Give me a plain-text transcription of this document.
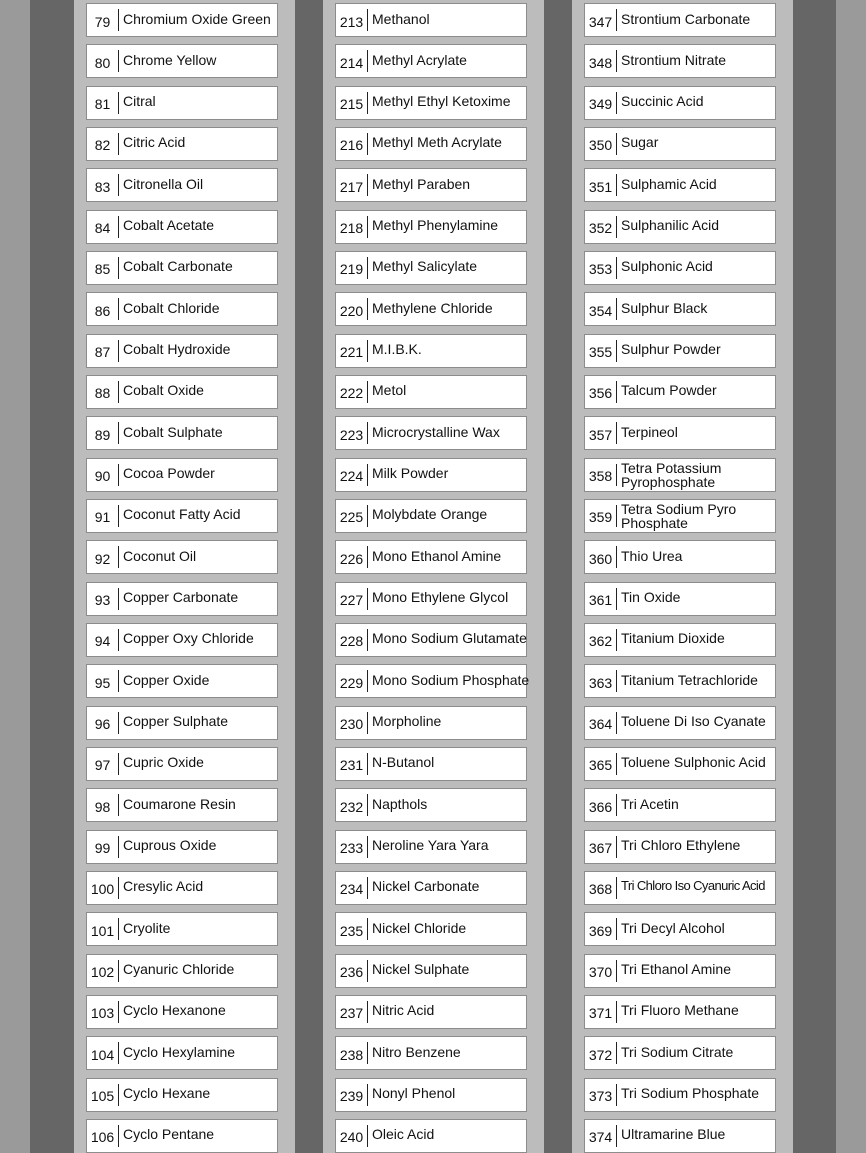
79 Chromium Oxide Green
80 Chrome Yellow
81 Citral
82 Citric Acid
83 Citronella Oil
84 Cobalt Acetate
85 Cobalt Carbonate
86 Cobalt Chloride
87 Cobalt Hydroxide
88 Cobalt Oxide
89 Cobalt Sulphate
90 Cocoa Powder
91 Coconut Fatty Acid
92 Coconut Oil
93 Copper Carbonate
94 Copper Oxy Chloride
95 Copper Oxide
96 Copper Sulphate
97 Cupric Oxide
98 Coumarone Resin
99 Cuprous Oxide
100 Cresylic Acid
101 Cryolite
102 Cyanuric Chloride
103 Cyclo Hexanone
104 Cyclo Hexylamine
105 Cyclo Hexane
106 Cyclo Pentane
213 Methanol
214 Methyl Acrylate
215 Methyl Ethyl Ketoxime
216 Methyl Meth Acrylate
217 Methyl Paraben
218 Methyl Phenylamine
219 Methyl Salicylate
220 Methylene Chloride
221 M.I.B.K.
222 Metol
223 Microcrystalline Wax
224 Milk Powder
225 Molybdate Orange
226 Mono Ethanol Amine
227 Mono Ethylene Glycol
228 Mono Sodium Glutamate
229 Mono Sodium Phosphate
230 Morpholine
231 N-Butanol
232 Napthols
233 Neroline Yara Yara
234 Nickel Carbonate
235 Nickel Chloride
236 Nickel Sulphate
237 Nitric Acid
238 Nitro Benzene
239 Nonyl Phenol
240 Oleic Acid
347 Strontium Carbonate
348 Strontium Nitrate
349 Succinic Acid
350 Sugar
351 Sulphamic Acid
352 Sulphanilic Acid
353 Sulphonic Acid
354 Sulphur Black
355 Sulphur Powder
356 Talcum Powder
357 Terpineol
358 Tetra Potassium Pyrophosphate
359 Tetra Sodium Pyro Phosphate
360 Thio Urea
361 Tin Oxide
362 Titanium Dioxide
363 Titanium Tetrachloride
364 Toluene Di Iso Cyanate
365 Toluene Sulphonic Acid
366 Tri Acetin
367 Tri Chloro Ethylene
368 Tri Chloro Iso Cyanuric Acid
369 Tri Decyl Alcohol
370 Tri Ethanol Amine
371 Tri Fluoro Methane
372 Tri Sodium Citrate
373 Tri Sodium Phosphate
374 Ultramarine Blue
